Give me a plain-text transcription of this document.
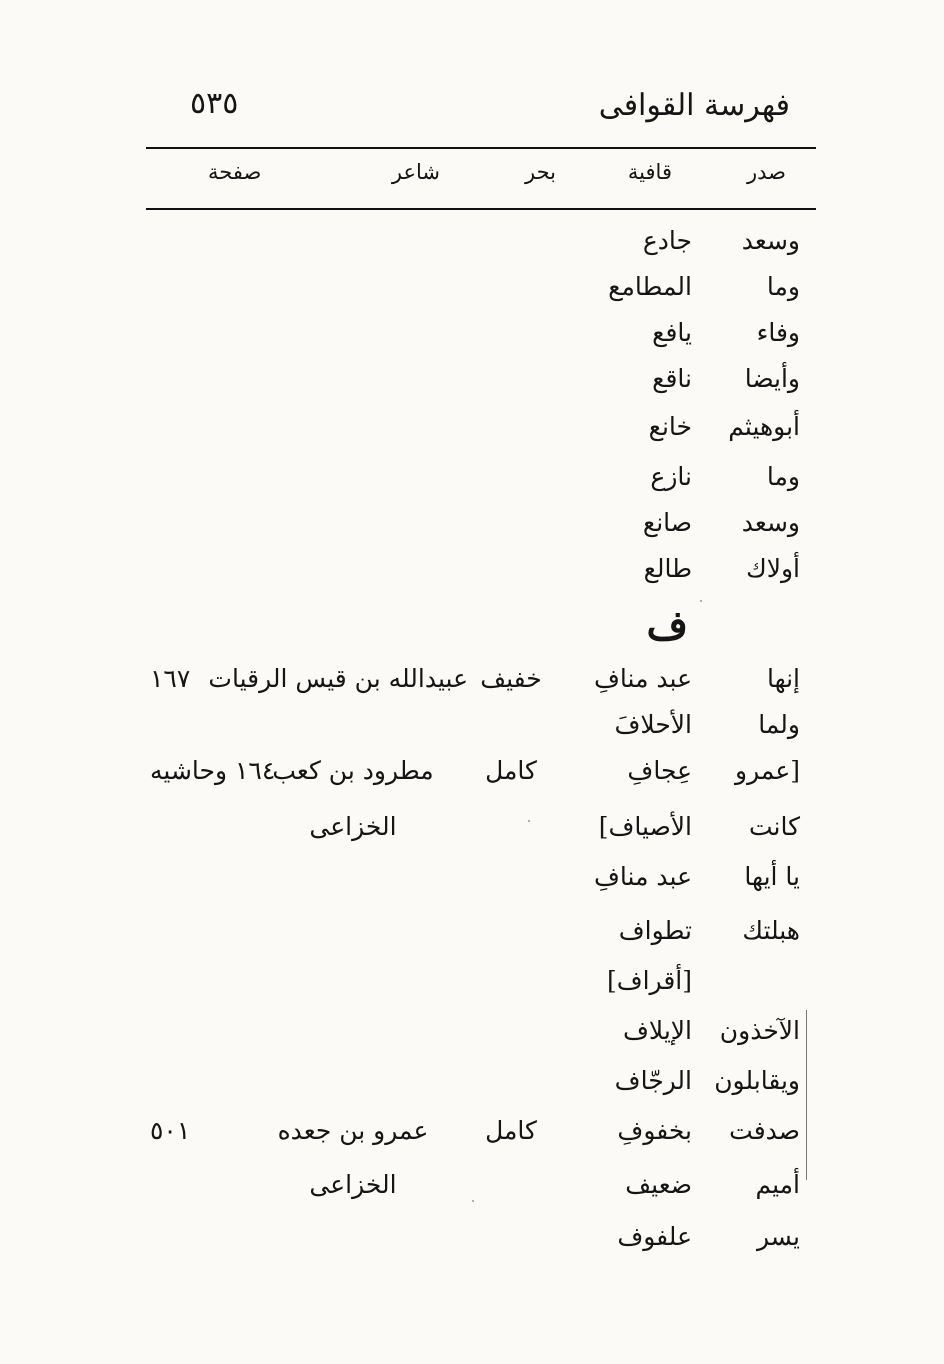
فهرسة القوافى
٥٣٥
صدر
قافية
بحر
شاعر
صفحة
وسعد
جادع
وما
المطامع
وفاء
يافع
وأيضا
ناقع
أبوهيثم
خانع
وما
نازع
وسعد
صانع
أولاك
طالع
ف
إنها
عبد منافِ
خفيف
عبيدالله بن قيس الرقيات
١٦٧
ولما
الأحلافَ
[عمرو
عِجافِ
كامل
مطرود بن كعب
١٦٤ وحاشيه
كانت
الأصياف]
الخزاعى
يا أيها
عبد منافِ
هبلتك
تطواف
[أقراف]
الآخذون
الإيلاف
ويقابلون
الرجّاف
صدفت
بخفوفِ
كامل
عمرو بن جعده
٥٠١
أميم
ضعيف
الخزاعى
يسر
علفوف
